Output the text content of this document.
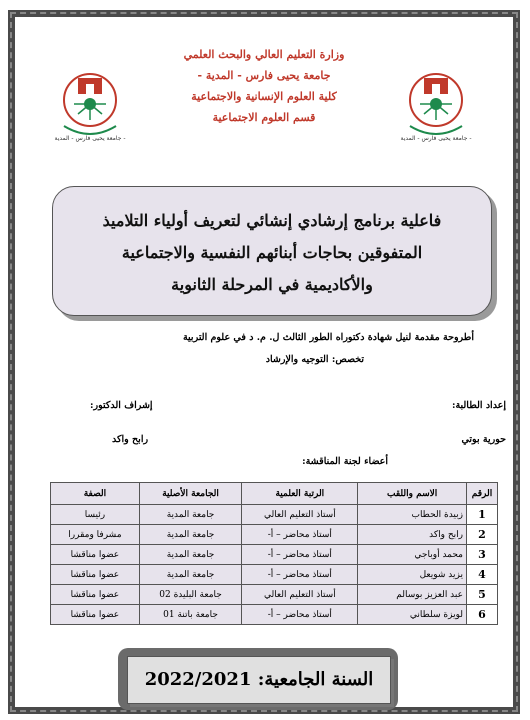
جامعة يحيى فارس - المدية -	جامعة يحيى فارس - المدية -
وزارة التعليم العالي والبحث العلمي
جامعة يحيى فارس - المدية -
كلية العلوم الإنسانية والاجتماعية
قسم العلوم الاجتماعية
فاعلية برنامج إرشادي إنشائي لتعريف أولياء التلاميذ
المتفوقين بحاجات أبنائهم النفسية والاجتماعية
والأكاديمية في المرحلة الثانوية
أطروحة مقدمة لنيل شهادة دكتوراه الطور الثالث ل. م. د في علوم التربية
تخصص: التوجيه والإرشاد
إعداد الطالبة:
إشراف الدكتور:
حورية بوتي
رابح واكد
أعضاء لجنة المناقشة:
الرقم	الاسم واللقب	الرتبة العلمية	الجامعة الأصلية	الصفة
1	زبيدة الحطاب	أستاذ التعليم العالي	جامعة المدية	رئيسا
2	رابح واكد	أستاذ محاضر – أ-	جامعة المدية	مشرفا ومقررا
3	محمد أوباجي	أستاذ محاضر – أ-	جامعة المدية	عضوا مناقشا
4	يزيد شويعل	أستاذ محاضر – أ-	جامعة المدية	عضوا مناقشا
5	عبد العزيز بوسالم	أستاذ التعليم العالي	جامعة البليدة 02	عضوا مناقشا
6	لويزة سلطاني	أستاذ محاضر – أ-	جامعة باتنة 01	عضوا مناقشا
السنة الجامعية: 2022/2021
